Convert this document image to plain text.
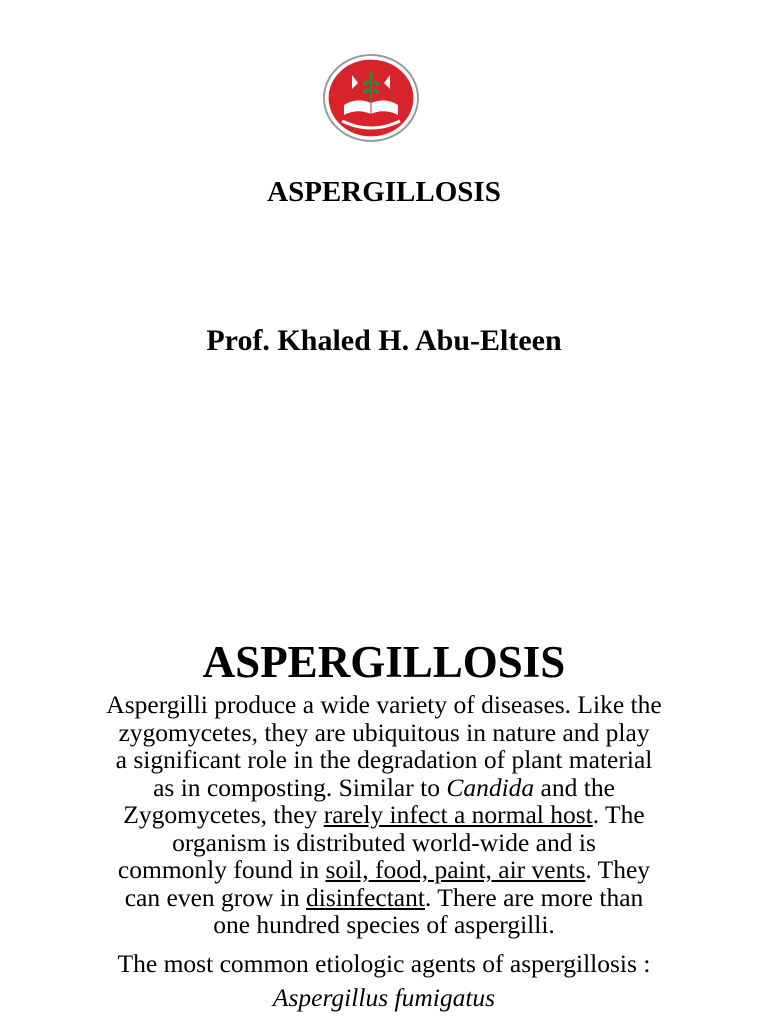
ASPERGILLOSIS
Prof. Khaled H. Abu-Elteen
ASPERGILLOSIS

Aspergilli produce a wide variety of diseases. Like the
zygomycetes, they are ubiquitous in nature and play
a significant role in the degradation of plant material
as in composting. Similar to Candida and the
Zygomycetes, they rarely infect a normal host. The
organism is distributed world-wide and is
commonly found in soil, food, paint, air vents. They
can even grow in disinfectant. There are more than
one hundred species of aspergilli.

The most common etiologic agents of aspergillosis :

Aspergillus fumigatus
